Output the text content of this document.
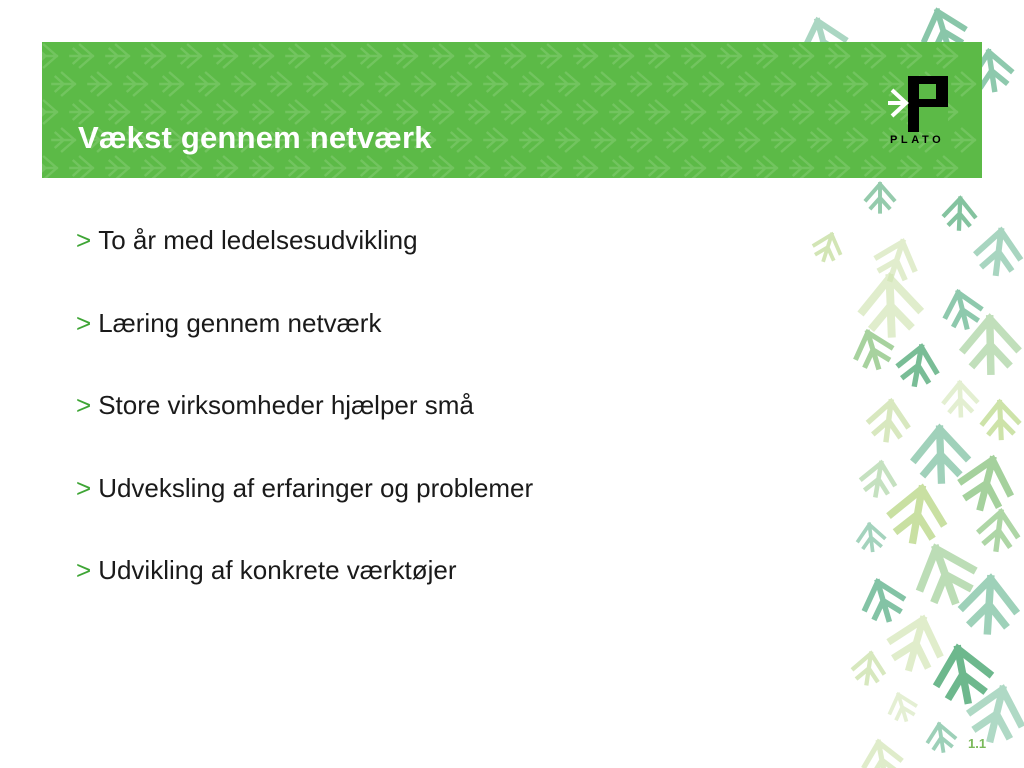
Vækst gennem netværk	PLATO
> To år med ledelsesudvikling
> Læring gennem netværk
> Store virksomheder hjælper små
> Udveksling af erfaringer og problemer
> Udvikling af konkrete værktøjer
1.1
